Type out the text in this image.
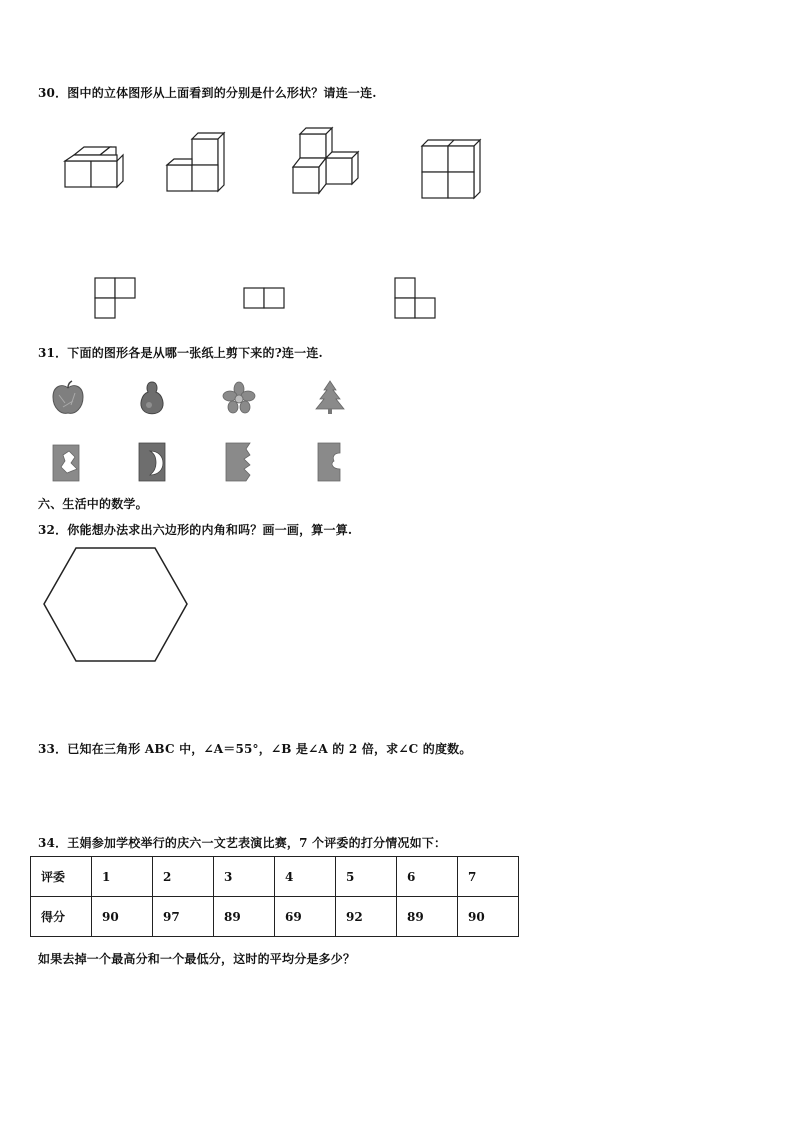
30．图中的立体图形从上面看到的分别是什么形状？请连一连.
31．下面的图形各是从哪一张纸上剪下来的?连一连.
六、生活中的数学。
32．你能想办法求出六边形的内角和吗？画一画，算一算.
33．已知在三角形 ABC 中，∠A＝55°，∠B 是∠A 的 2 倍，求∠C 的度数。
34．王娟参加学校举行的庆六一文艺表演比赛，7 个评委的打分情况如下：
评委	1	2	3	4	5	6	7
得分	90	97	89	69	92	89	90
如果去掉一个最高分和一个最低分，这时的平均分是多少？
